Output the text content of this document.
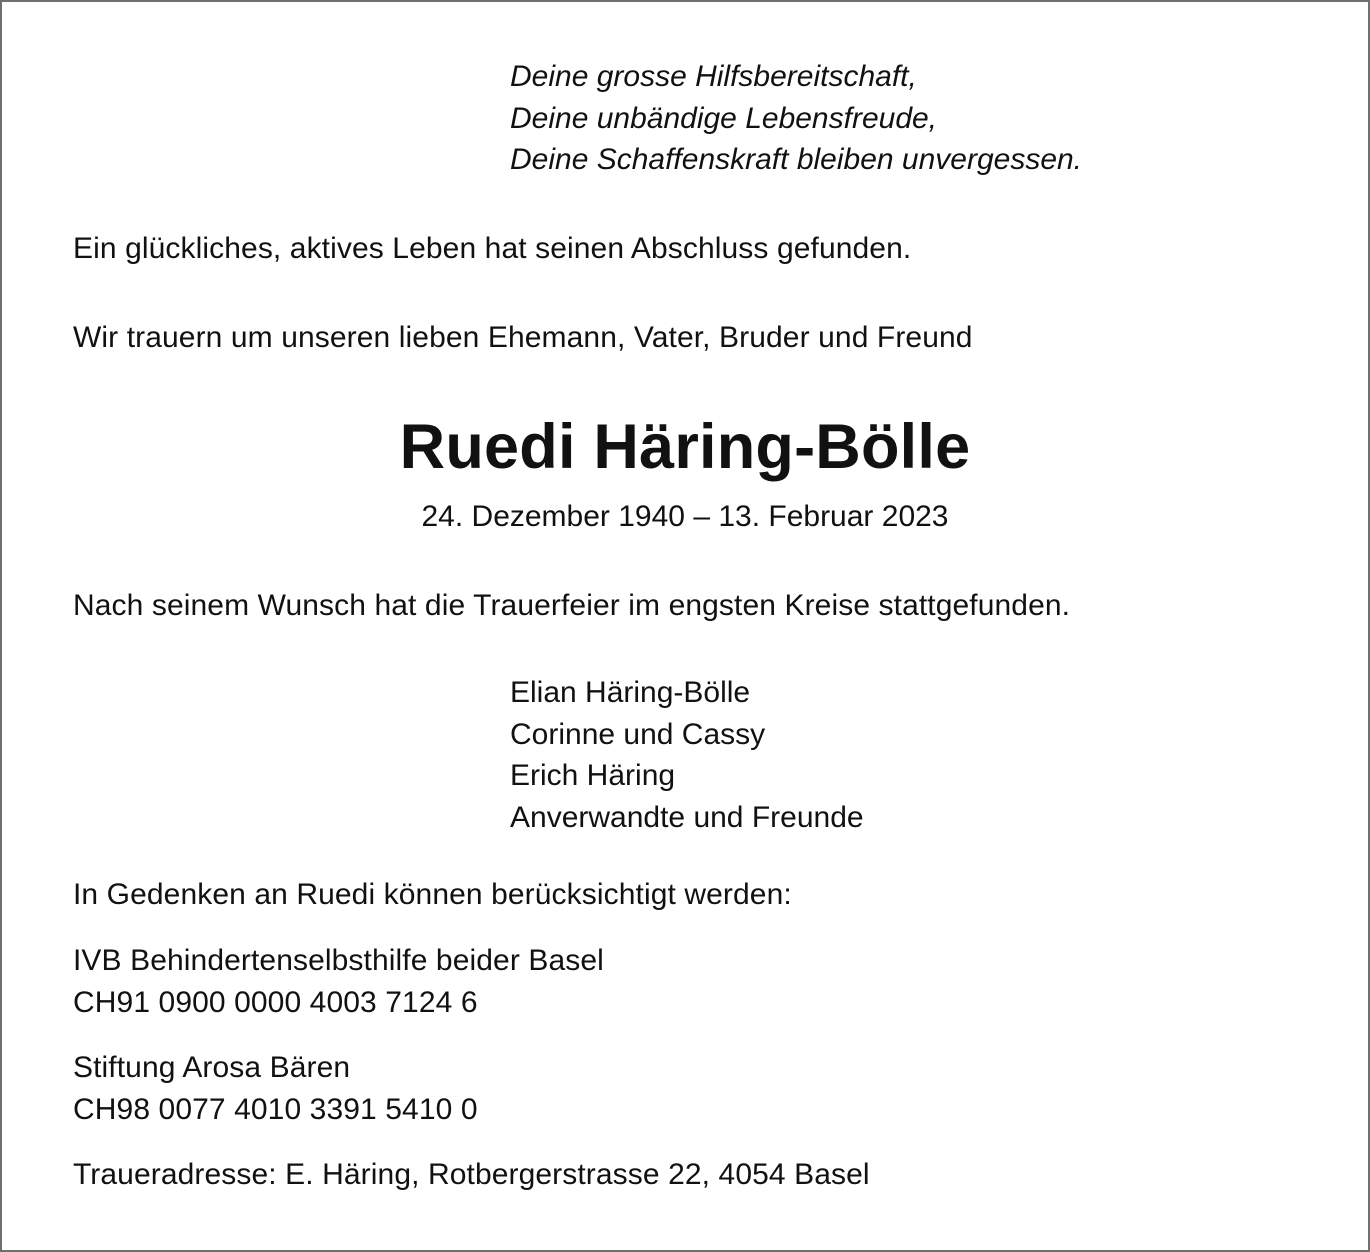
Deine grosse Hilfsbereitschaft,
Deine unbändige Lebensfreude,
Deine Schaffenskraft bleiben unvergessen.
Ein glückliches, aktives Leben hat seinen Abschluss gefunden.
Wir trauern um unseren lieben Ehemann, Vater, Bruder und Freund
Ruedi Häring-Bölle
24. Dezember 1940 – 13. Februar 2023
Nach seinem Wunsch hat die Trauerfeier im engsten Kreise stattgefunden.
Elian Häring-Bölle
Corinne und Cassy
Erich Häring
Anverwandte und Freunde
In Gedenken an Ruedi können berücksichtigt werden:
IVB Behindertenselbsthilfe beider Basel
CH91 0900 0000 4003 7124 6
Stiftung Arosa Bären
CH98 0077 4010 3391 5410 0
Traueradresse: E. Häring, Rotbergerstrasse 22, 4054 Basel
